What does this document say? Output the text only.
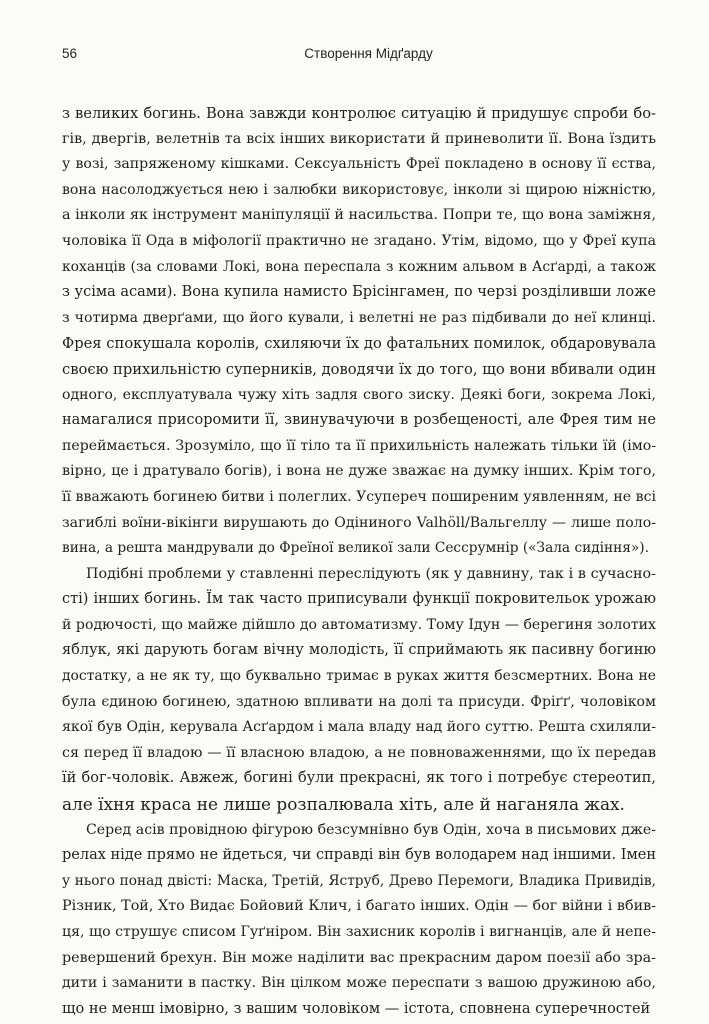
56	Створення Мідґарду
з великих богинь. Вона завжди контролює ситуацію й придушує спроби бо-
гів, двергів, велетнів та всіх інших використати й приневолити її. Вона їздить
у возі, запряженому кішками. Сексуальність Фреї покладено в основу її єства,
вона насолоджується нею і залюбки використовує, інколи зі щирою ніжністю,
а інколи як інструмент маніпуляції й насильства. Попри те, що вона заміжня,
чоловіка її Ода в міфології практично не згадано. Утім, відомо, що у Фреї купа
коханців (за словами Локі, вона переспала з кожним альвом в Асґарді, а також
з усіма асами). Вона купила намисто Брісінгамен, по черзі розділивши ложе
з чотирма дверґами, що його кували, і велетні не раз підбивали до неї клинці.
Фрея спокушала королів, схиляючи їх до фатальних помилок, обдаровувала
своєю прихильністю суперників, доводячи їх до того, що вони вбивали один
одного, експлуатувала чужу хіть задля свого зиску. Деякі боги, зокрема Локі,
намагалися присоромити її, звинувачуючи в розбещеності, але Фрея тим не
переймається. Зрозуміло, що її тіло та її прихильність належать тільки їй (імо-
вірно, це і дратувало богів), і вона не дуже зважає на думку інших. Крім того,
її вважають богинею битви і полеглих. Усупереч поширеним уявленням, не всі
загиблі воїни-вікінги вирушають до Одіниного Valhöll/Вальгеллу — лише поло-
вина, а решта мандрували до Фреїної великої зали Сессрумнір («Зала сидіння»).
Подібні проблеми у ставленні переслідують (як у давнину, так і в сучасно-
сті) інших богинь. Їм так часто приписували функції покровительок урожаю
й родючості, що майже дійшло до автоматизму. Тому Ідун — берегиня золотих
яблук, які дарують богам вічну молодість, її сприймають як пасивну богиню
достатку, а не як ту, що буквально тримає в руках життя безсмертних. Вона не
була єдиною богинею, здатною впливати на долі та присуди. Фріґґ, чоловіком
якої був Одін, керувала Асґардом і мала владу над його суттю. Решта схиляли-
ся перед її владою — її власною владою, а не повноваженнями, що їх передав
їй бог-чоловік. Авжеж, богині були прекрасні, як того і потребує стереотип,
але їхня краса не лише розпалювала хіть, але й наганяла жах.
Серед асів провідною фігурою безсумнівно був Одін, хоча в письмових дже-
релах ніде прямо не йдеться, чи справді він був володарем над іншими. Імен
у нього понад двісті: Маска, Третій, Яструб, Древо Перемоги, Владика Привидів,
Різник, Той, Хто Видає Бойовий Клич, і багато інших. Одін — бог війни і вбив-
ця, що струшує списом Гуґніром. Він захисник королів і вигнанців, але й непе-
ревершений брехун. Він може наділити вас прекрасним даром поезії або зра-
дити і заманити в пастку. Він цілком може переспати з вашою дружиною або,
що не менш імовірно, з вашим чоловіком — істота, сповнена суперечностей
